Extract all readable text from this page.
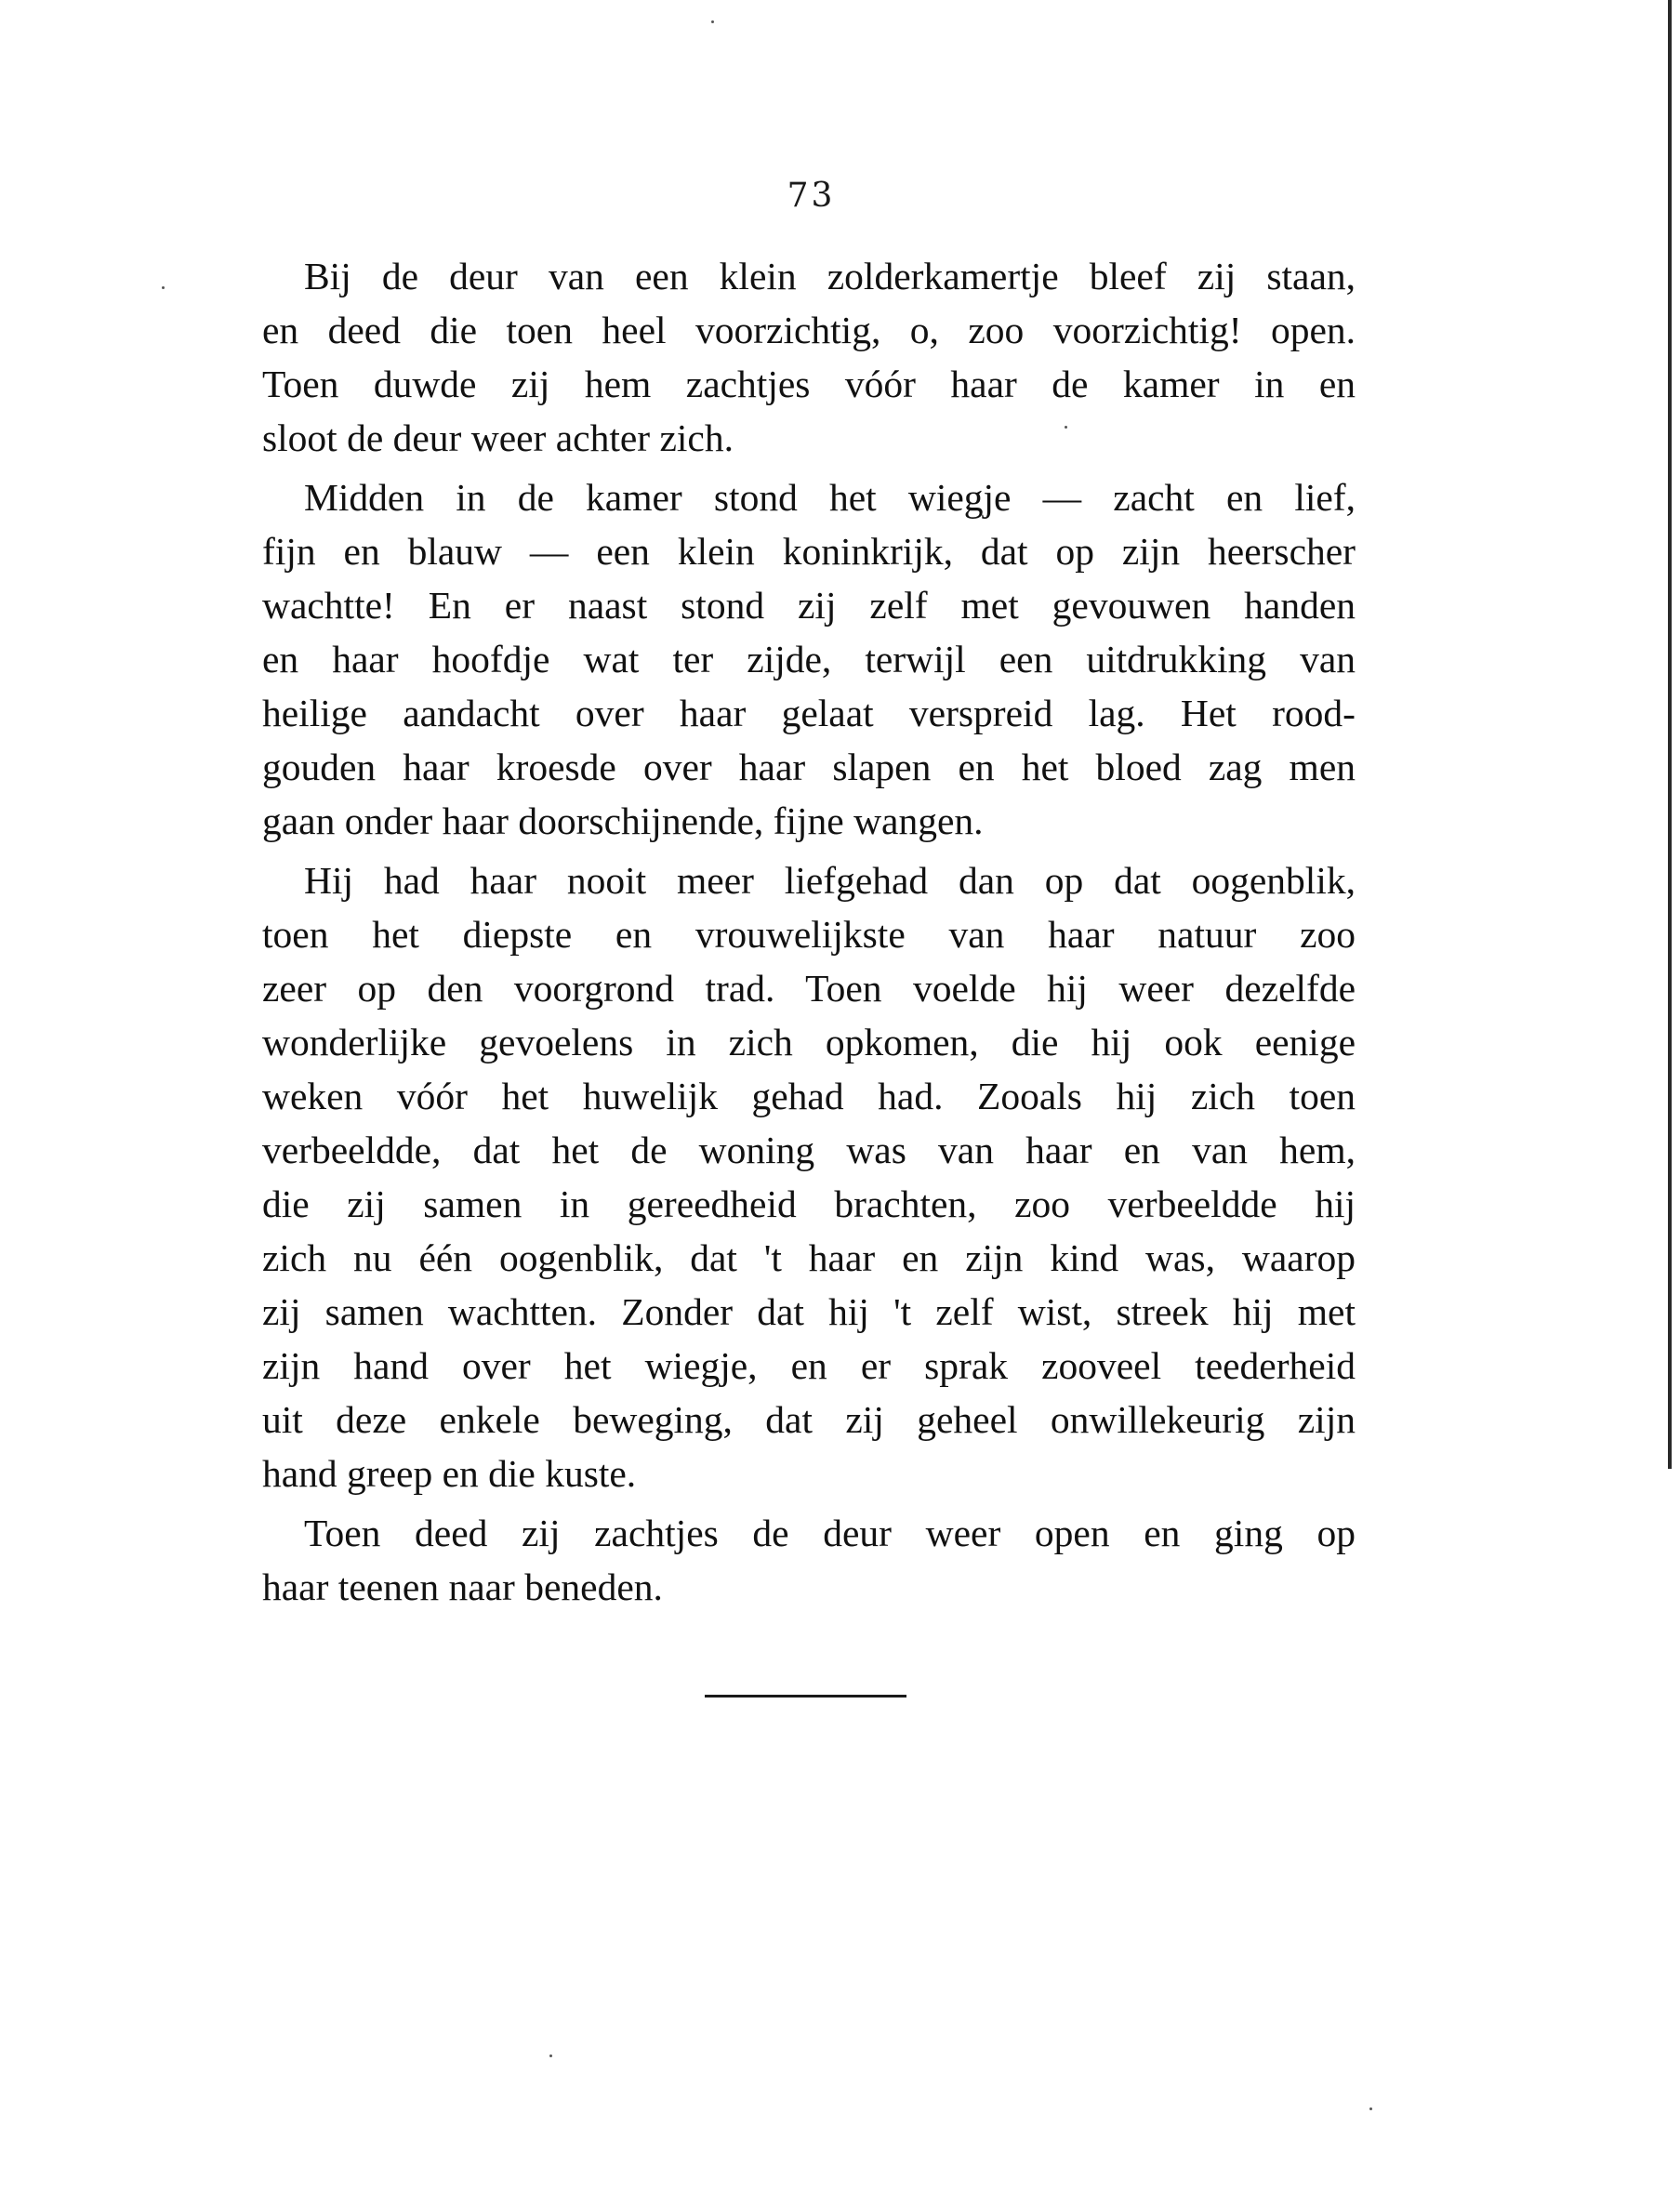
73
Bij de deur van een klein zolderkamertje bleef zij staan,
en deed die toen heel voorzichtig, o, zoo voorzichtig! open.
Toen duwde zij hem zachtjes vóór haar de kamer in en
sloot de deur weer achter zich.
Midden in de kamer stond het wiegje — zacht en lief,
fijn en blauw — een klein koninkrijk, dat op zijn heerscher
wachtte! En er naast stond zij zelf met gevouwen handen
en haar hoofdje wat ter zijde, terwijl een uitdrukking van
heilige aandacht over haar gelaat verspreid lag. Het rood-
gouden haar kroesde over haar slapen en het bloed zag men
gaan onder haar doorschijnende, fijne wangen.
Hij had haar nooit meer liefgehad dan op dat oogenblik,
toen het diepste en vrouwelijkste van haar natuur zoo
zeer op den voorgrond trad. Toen voelde hij weer dezelfde
wonderlijke gevoelens in zich opkomen, die hij ook eenige
weken vóór het huwelijk gehad had. Zooals hij zich toen
verbeeldde, dat het de woning was van haar en van hem,
die zij samen in gereedheid brachten, zoo verbeeldde hij
zich nu één oogenblik, dat 't haar en zijn kind was, waarop
zij samen wachtten. Zonder dat hij 't zelf wist, streek hij met
zijn hand over het wiegje, en er sprak zooveel teederheid
uit deze enkele beweging, dat zij geheel onwillekeurig zijn
hand greep en die kuste.
Toen deed zij zachtjes de deur weer open en ging op
haar teenen naar beneden.
